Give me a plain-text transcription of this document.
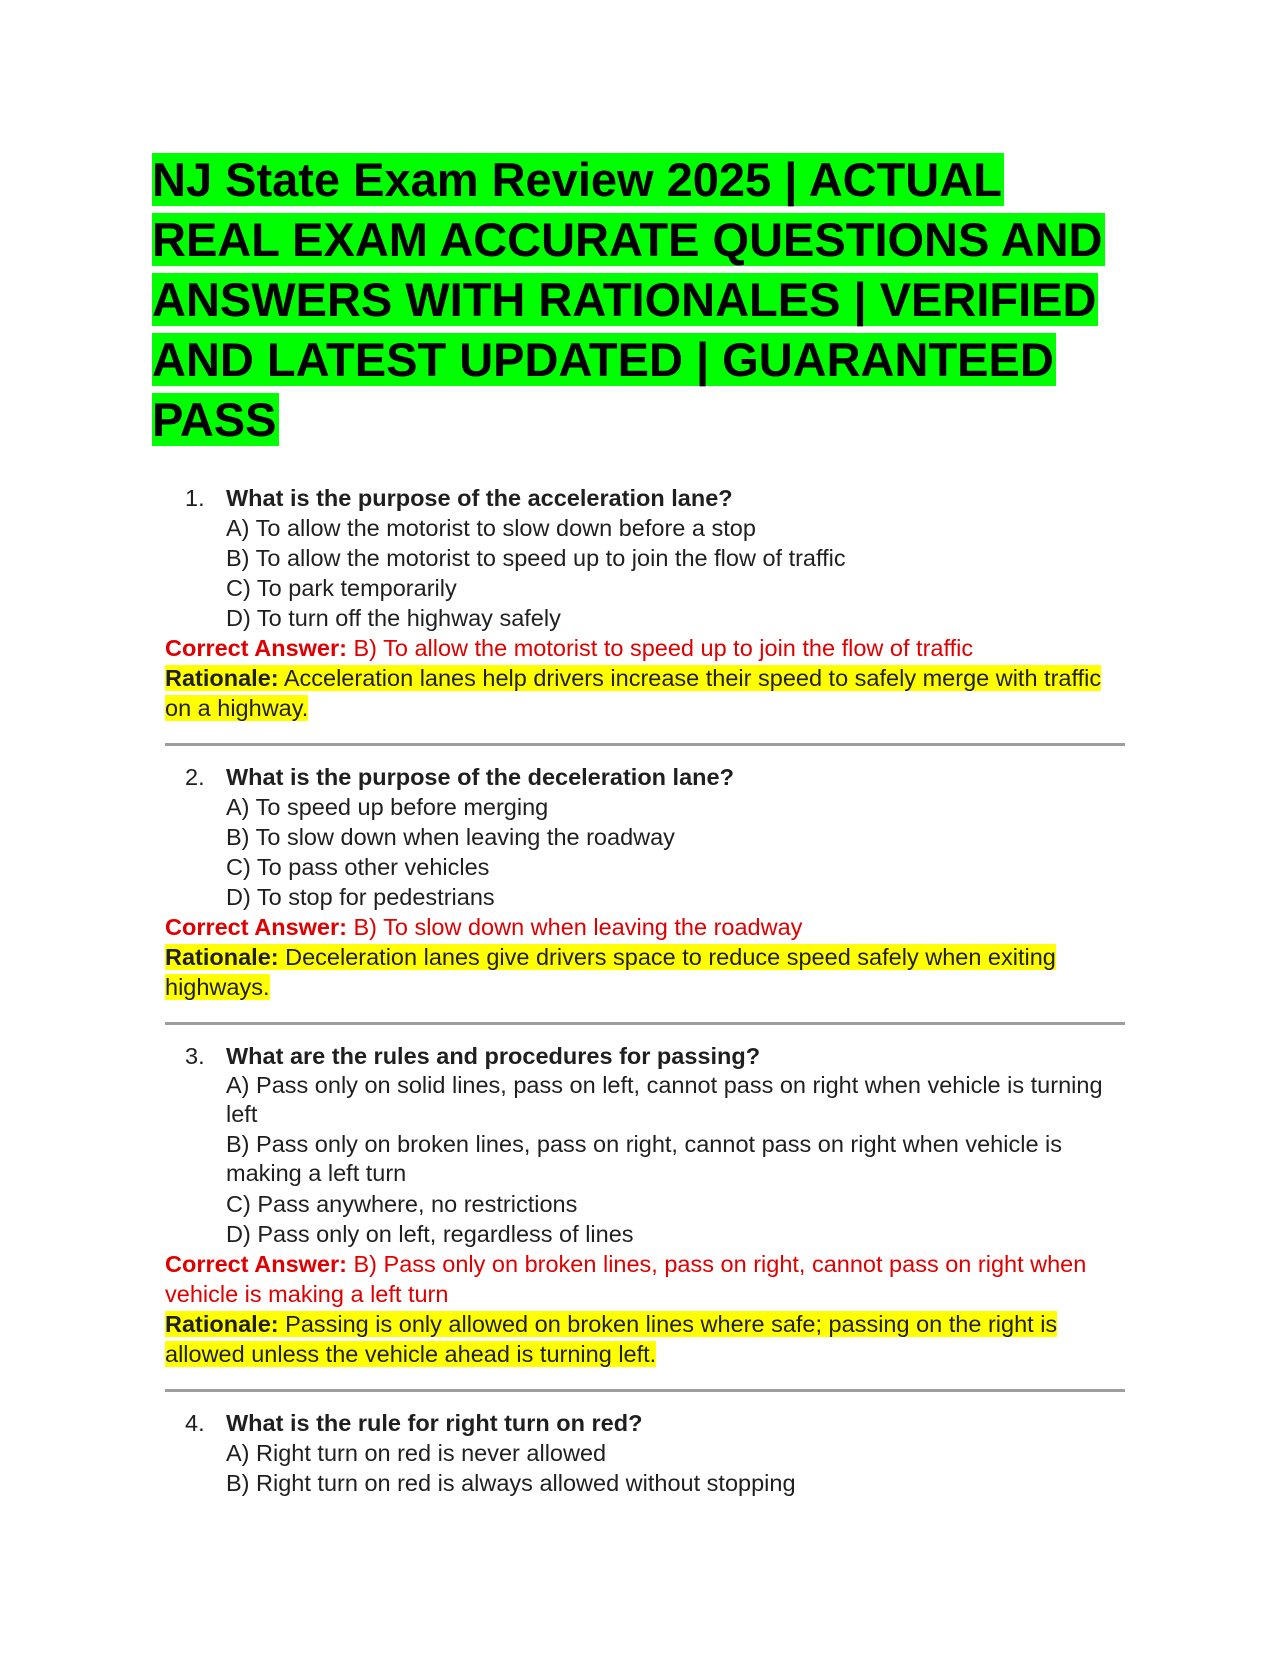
NJ State Exam Review 2025 | ACTUAL REAL EXAM ACCURATE QUESTIONS AND ANSWERS WITH RATIONALES | VERIFIED AND LATEST UPDATED | GUARANTEED PASS
1. What is the purpose of the acceleration lane?
A) To allow the motorist to slow down before a stop
B) To allow the motorist to speed up to join the flow of traffic
C) To park temporarily
D) To turn off the highway safely
Correct Answer: B) To allow the motorist to speed up to join the flow of traffic
Rationale: Acceleration lanes help drivers increase their speed to safely merge with traffic on a highway.
2. What is the purpose of the deceleration lane?
A) To speed up before merging
B) To slow down when leaving the roadway
C) To pass other vehicles
D) To stop for pedestrians
Correct Answer: B) To slow down when leaving the roadway
Rationale: Deceleration lanes give drivers space to reduce speed safely when exiting highways.
3. What are the rules and procedures for passing?
A) Pass only on solid lines, pass on left, cannot pass on right when vehicle is turning left
B) Pass only on broken lines, pass on right, cannot pass on right when vehicle is making a left turn
C) Pass anywhere, no restrictions
D) Pass only on left, regardless of lines
Correct Answer: B) Pass only on broken lines, pass on right, cannot pass on right when vehicle is making a left turn
Rationale: Passing is only allowed on broken lines where safe; passing on the right is allowed unless the vehicle ahead is turning left.
4. What is the rule for right turn on red?
A) Right turn on red is never allowed
B) Right turn on red is always allowed without stopping
